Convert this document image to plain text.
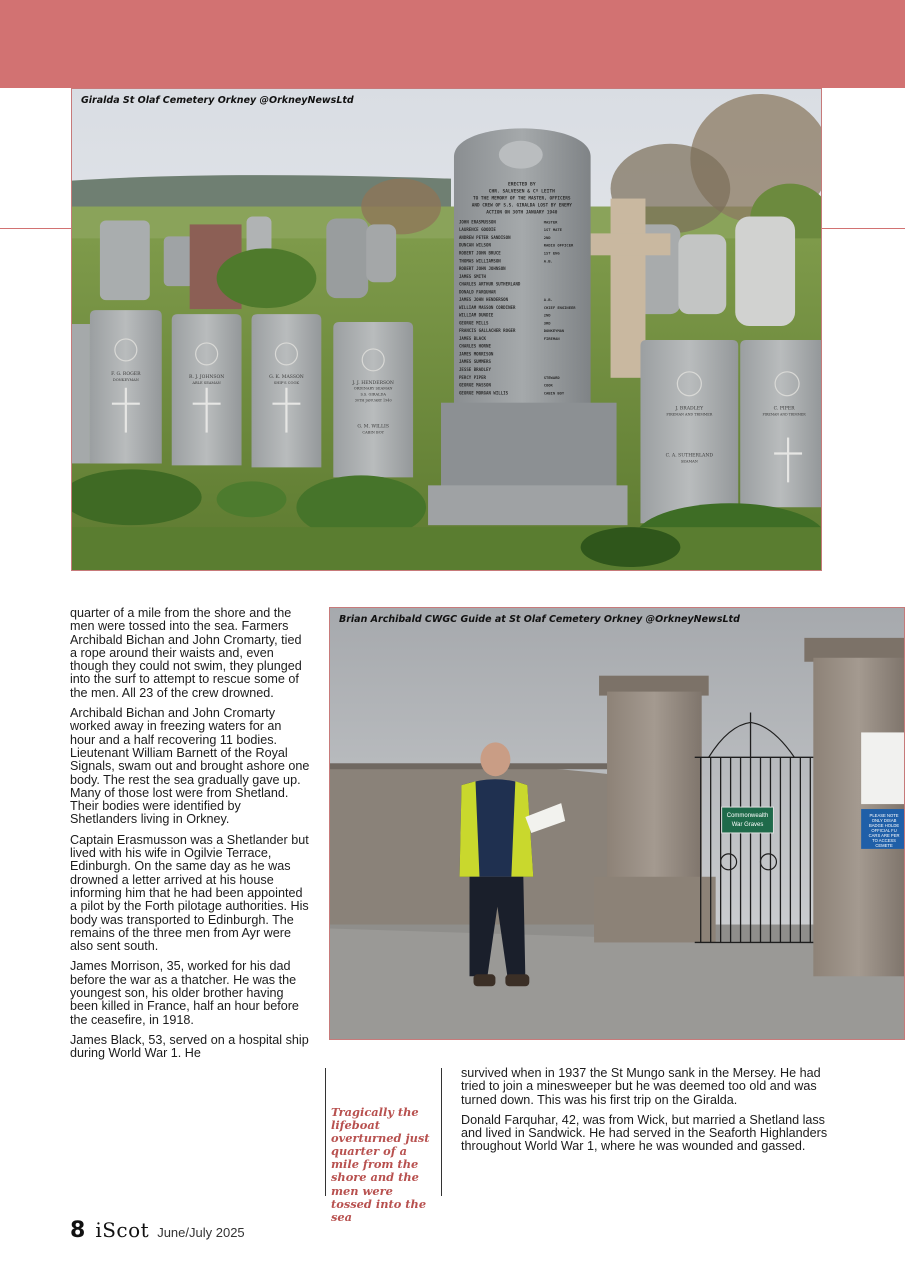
ERECTED BY
CHR. SALVESEN & Cº LEITH
TO THE MEMORY OF THE MASTER, OFFICERS
AND CREW OF S.S. GIRALDA LOST BY ENEMY
ACTION ON 30TH JANUARY 1940
JOHN ERASMUSSON
LAURENCE GOODIE
ANDREW PETER SANDISON
DUNCAN WILSON
ROBERT JOHN BRUCE
THOMAS WILLIAMSON
ROBERT JOHN JOHNSON
JAMES SMITH
CHARLES ARTHUR SUTHERLAND
DONALD FARQUHAR
JAMES JOHN HENDERSON
WILLIAM MASSON CORDINER
WILLIAM DUNDIE
GEORGE MILLS
FRANCIS GALLACHER ROGER
JAMES BLACK
CHARLES HORNE
JAMES MORRISON
JAMES SUMMERS
JESSE BRADLEY
PERCY PIPER
GEORGE MASSON
GEORGE MORGAN WILLIS
MASTER
1ST MATE
2ND
RADIO OFFICER
1ST ENG
A.B.
A.B.
CHIEF ENGINEER
2ND
3RD
DONKEYMAN
FIREMAN
STEWARD
COOK
CABIN BOY
F. G. ROGER
DONKEYMAN	R. J. JOHNSON
ABLE SEAMAN
G. K. MASSON
SHIP'S COOK	J. J. HENDERSON
ORDINARY SEAMAN
S.S. GIRALDA
30TH JANUARY 1940
G. M. WILLIS
CABIN BOY
J. BRADLEY
FIREMAN AND TRIMMER
C. A. SUTHERLAND
SEAMAN
C. PIPER
FIREMAN AND TRIMMER
Giralda St Olaf Cemetery Orkney @OrkneyNewsLtd
Commonwealth
War Graves
PLEASE NOTE
ONLY DISAB
BADGE HOLDE
OFFICIAL FU
CARS ARE PER
TO ACCESS
CEMETE
Brian Archibald CWGC Guide at St Olaf Cemetery Orkney @OrkneyNewsLtd

quarter of a mile from the shore and the men were tossed into the sea. Farmers Archibald Bichan and John Cromarty, tied a rope around their waists and, even though they could not swim, they plunged into the surf to attempt to rescue some of the men. All 23 of the crew drowned.

Archibald Bichan and John Cromarty worked away in freezing waters for an hour and a half recovering 11 bodies. Lieutenant William Barnett of the Royal Signals, swam out and brought ashore one body. The rest the sea gradually gave up. Many of those lost were from Shetland. Their bodies were identified by Shetlanders living in Orkney.

Captain Erasmusson was a Shetlander but lived with his wife in Ogilvie Terrace, Edinburgh. On the same day as he was drowned a letter arrived at his house informing him that he had been appointed a pilot by the Forth pilotage authorities. His body was transported to Edinburgh. The remains of the three men from Ayr were also sent south.

James Morrison, 35, worked for his dad before the war as a thatcher. He was the youngest son, his older brother having been killed in France, half an hour before the ceasefire, in 1918.

James Black, 53, served on a hospital ship during World War 1. He

Tragically the lifeboat overturned just quarter of a mile from the shore and the men were tossed into the sea

survived when in 1937 the St Mungo sank in the Mersey. He had tried to join a minesweeper but he was deemed too old and was turned down. This was his first trip on the Giralda.

Donald Farquhar, 42, was from Wick, but married a Shetland lass and lived in Sandwick. He had served in the Seaforth Highlanders throughout World War 1, where he was wounded and gassed.

8 iScot June/July 2025
